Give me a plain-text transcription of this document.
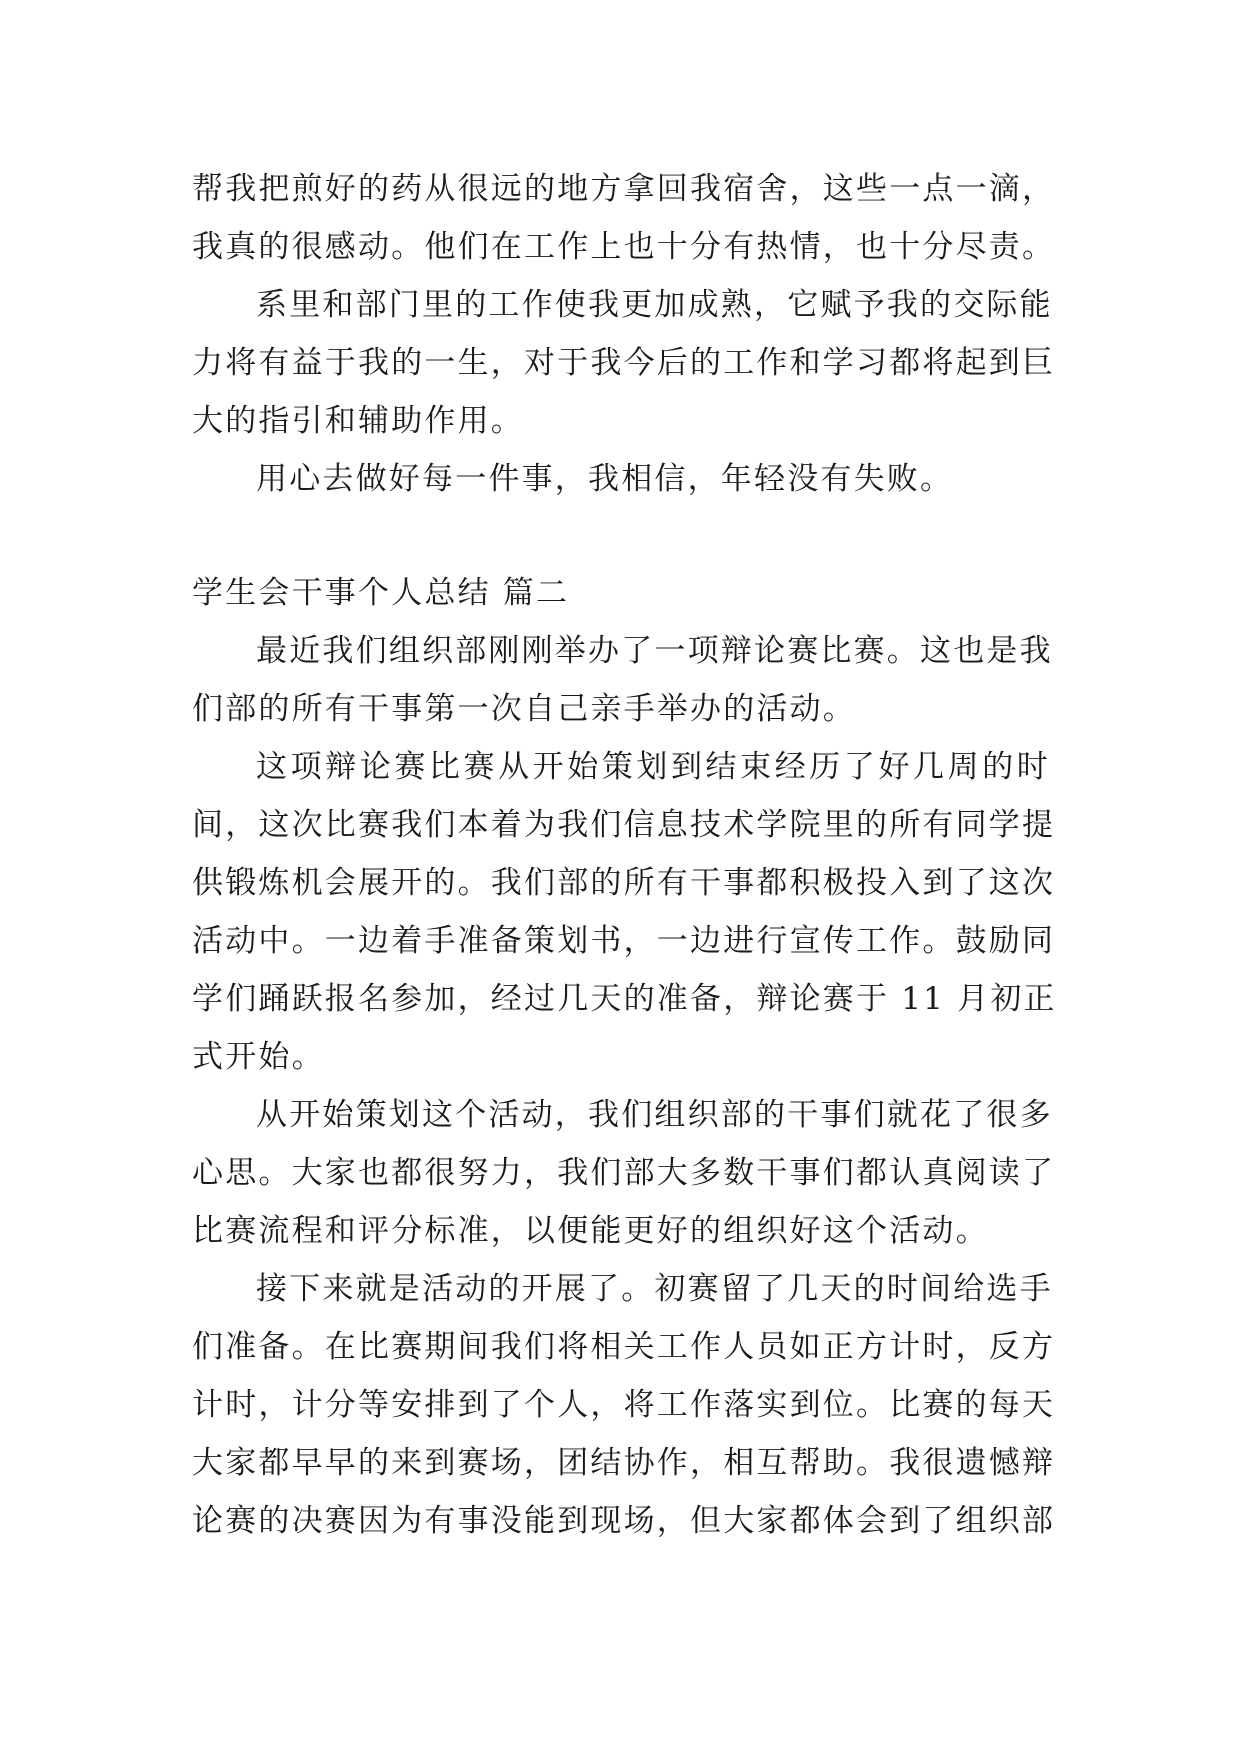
帮我把煎好的药从很远的地方拿回我宿舍，这些一点一滴，
我真的很感动。他们在工作上也十分有热情，也十分尽责。
系里和部门里的工作使我更加成熟，它赋予我的交际能
力将有益于我的一生，对于我今后的工作和学习都将起到巨
大的指引和辅助作用。
用心去做好每一件事，我相信，年轻没有失败。
学生会干事个人总结 篇二
最近我们组织部刚刚举办了一项辩论赛比赛。这也是我
们部的所有干事第一次自己亲手举办的活动。
这项辩论赛比赛从开始策划到结束经历了好几周的时
间，这次比赛我们本着为我们信息技术学院里的所有同学提
供锻炼机会展开的。我们部的所有干事都积极投入到了这次
活动中。一边着手准备策划书，一边进行宣传工作。鼓励同
学们踊跃报名参加，经过几天的准备，辩论赛于 11 月初正
式开始。
从开始策划这个活动，我们组织部的干事们就花了很多
心思。大家也都很努力，我们部大多数干事们都认真阅读了
比赛流程和评分标准，以便能更好的组织好这个活动。
接下来就是活动的开展了。初赛留了几天的时间给选手
们准备。在比赛期间我们将相关工作人员如正方计时，反方
计时，计分等安排到了个人，将工作落实到位。比赛的每天
大家都早早的来到赛场，团结协作，相互帮助。我很遗憾辩
论赛的决赛因为有事没能到现场，但大家都体会到了组织部
